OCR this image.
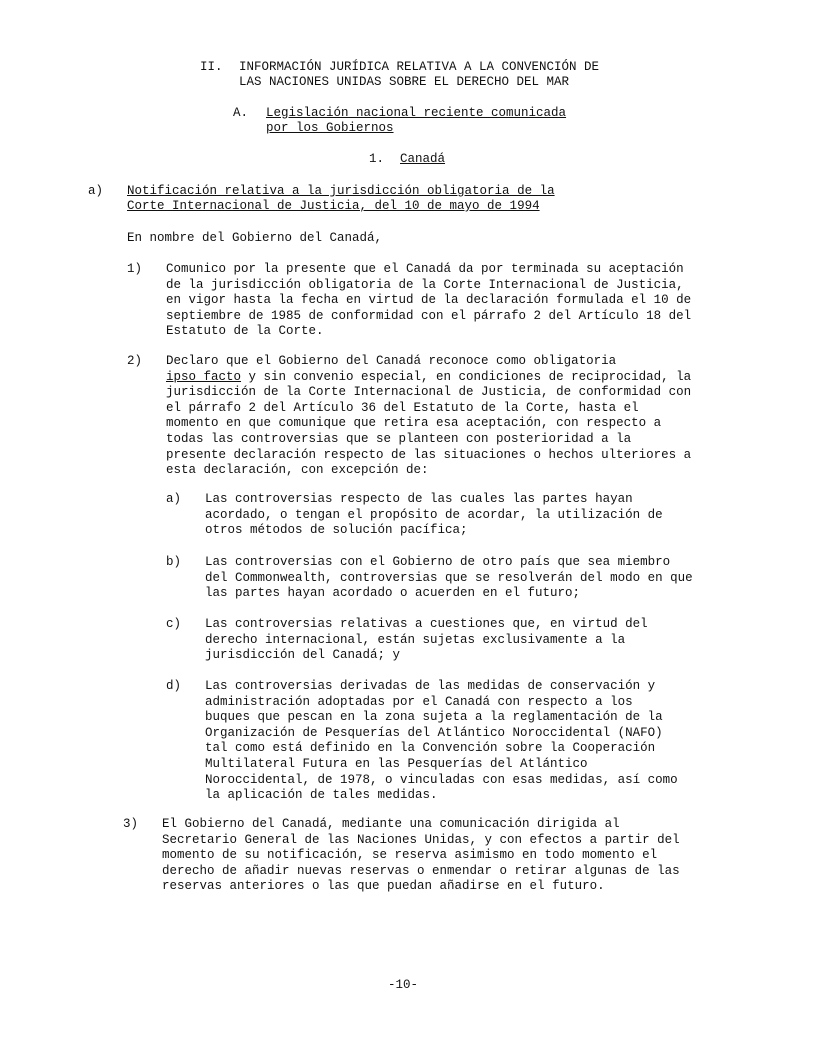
II. INFORMACIÓN JURÍDICA RELATIVA A LA CONVENCIÓN DE
LAS NACIONES UNIDAS SOBRE EL DERECHO DEL MAR
A. Legislación nacional reciente comunicada
por los Gobiernos
1. Canadá
a) Notificación relativa a la jurisdicción obligatoria de la
Corte Internacional de Justicia, del 10 de mayo de 1994
En nombre del Gobierno del Canadá,
1) Comunico por la presente que el Canadá da por terminada su aceptación
de la jurisdicción obligatoria de la Corte Internacional de Justicia,
en vigor hasta la fecha en virtud de la declaración formulada el 10 de
septiembre de 1985 de conformidad con el párrafo 2 del Artículo 18 del
Estatuto de la Corte.
2) Declaro que el Gobierno del Canadá reconoce como obligatoria
ipso facto y sin convenio especial, en condiciones de reciprocidad, la
jurisdicción de la Corte Internacional de Justicia, de conformidad con
el párrafo 2 del Artículo 36 del Estatuto de la Corte, hasta el
momento en que comunique que retira esa aceptación, con respecto a
todas las controversias que se planteen con posterioridad a la
presente declaración respecto de las situaciones o hechos ulteriores a
esta declaración, con excepción de:
a) Las controversias respecto de las cuales las partes hayan
acordado, o tengan el propósito de acordar, la utilización de
otros métodos de solución pacífica;
b) Las controversias con el Gobierno de otro país que sea miembro
del Commonwealth, controversias que se resolverán del modo en que
las partes hayan acordado o acuerden en el futuro;
c) Las controversias relativas a cuestiones que, en virtud del
derecho internacional, están sujetas exclusivamente a la
jurisdicción del Canadá; y
d) Las controversias derivadas de las medidas de conservación y
administración adoptadas por el Canadá con respecto a los
buques que pescan en la zona sujeta a la reglamentación de la
Organización de Pesquerías del Atlántico Noroccidental (NAFO)
tal como está definido en la Convención sobre la Cooperación
Multilateral Futura en las Pesquerías del Atlántico
Noroccidental, de 1978, o vinculadas con esas medidas, así como
la aplicación de tales medidas.
3) El Gobierno del Canadá, mediante una comunicación dirigida al
Secretario General de las Naciones Unidas, y con efectos a partir del
momento de su notificación, se reserva asimismo en todo momento el
derecho de añadir nuevas reservas o enmendar o retirar algunas de las
reservas anteriores o las que puedan añadirse en el futuro.
-10-
